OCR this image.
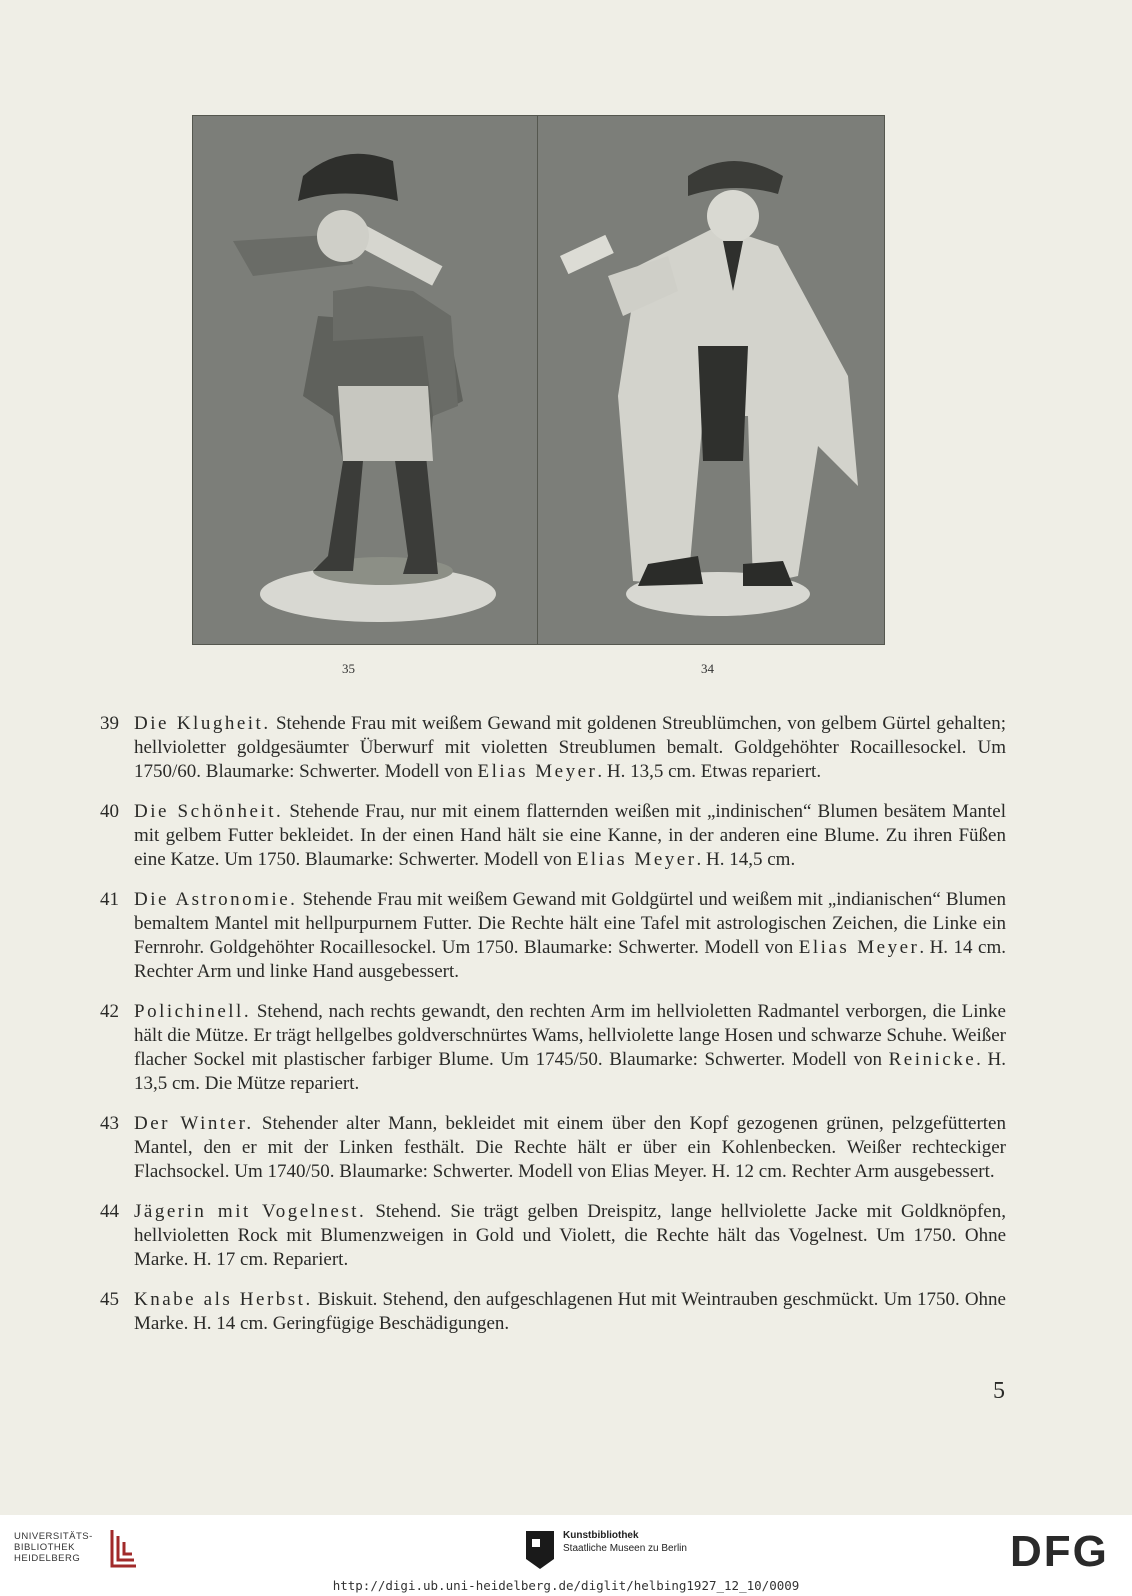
35	34
39 Die Klugheit. Stehende Frau mit weißem Gewand mit goldenen Streublümchen, von gelbem Gürtel gehalten; hellvioletter goldgesäumter Überwurf mit violetten Streublumen bemalt. Goldgehöhter Rocaillesockel. Um 1750/60. Blaumarke: Schwerter. Modell von Elias Meyer. H. 13,5 cm. Etwas repariert.
40 Die Schönheit. Stehende Frau, nur mit einem flatternden weißen mit „indinischen“ Blumen besätem Mantel mit gelbem Futter bekleidet. In der einen Hand hält sie eine Kanne, in der anderen eine Blume. Zu ihren Füßen eine Katze. Um 1750. Blaumarke: Schwerter. Modell von Elias Meyer. H. 14,5 cm.
41 Die Astronomie. Stehende Frau mit weißem Gewand mit Goldgürtel und weißem mit „indianischen“ Blumen bemaltem Mantel mit hellpurpurnem Futter. Die Rechte hält eine Tafel mit astrologischen Zeichen, die Linke ein Fernrohr. Goldgehöhter Rocaillesockel. Um 1750. Blaumarke: Schwerter. Modell von Elias Meyer. H. 14 cm. Rechter Arm und linke Hand ausgebessert.
42 Polichinell. Stehend, nach rechts gewandt, den rechten Arm im hellvioletten Radmantel verborgen, die Linke hält die Mütze. Er trägt hellgelbes goldverschnürtes Wams, hellviolette lange Hosen und schwarze Schuhe. Weißer flacher Sockel mit plastischer farbiger Blume. Um 1745/50. Blaumarke: Schwerter. Modell von Reinicke. H. 13,5 cm. Die Mütze repariert.
43 Der Winter. Stehender alter Mann, bekleidet mit einem über den Kopf gezogenen grünen, pelzgefütterten Mantel, den er mit der Linken festhält. Die Rechte hält er über ein Kohlenbecken. Weißer rechteckiger Flachsockel. Um 1740/50. Blaumarke: Schwerter. Modell von Elias Meyer. H. 12 cm. Rechter Arm ausgebessert.
44 Jägerin mit Vogelnest. Stehend. Sie trägt gelben Dreispitz, lange hellviolette Jacke mit Goldknöpfen, hellvioletten Rock mit Blumenzweigen in Gold und Violett, die Rechte hält das Vogelnest. Um 1750. Ohne Marke. H. 17 cm. Repariert.
45 Knabe als Herbst. Biskuit. Stehend, den aufgeschlagenen Hut mit Weintrauben geschmückt. Um 1750. Ohne Marke. H. 14 cm. Geringfügige Beschädigungen.
5
UNIVERSITÄTS-
BIBLIOTHEK
HEIDELBERG
Kunstbibliothek
Staatliche Museen zu Berlin	DFG
http://digi.ub.uni-heidelberg.de/diglit/helbing1927_12_10/0009
